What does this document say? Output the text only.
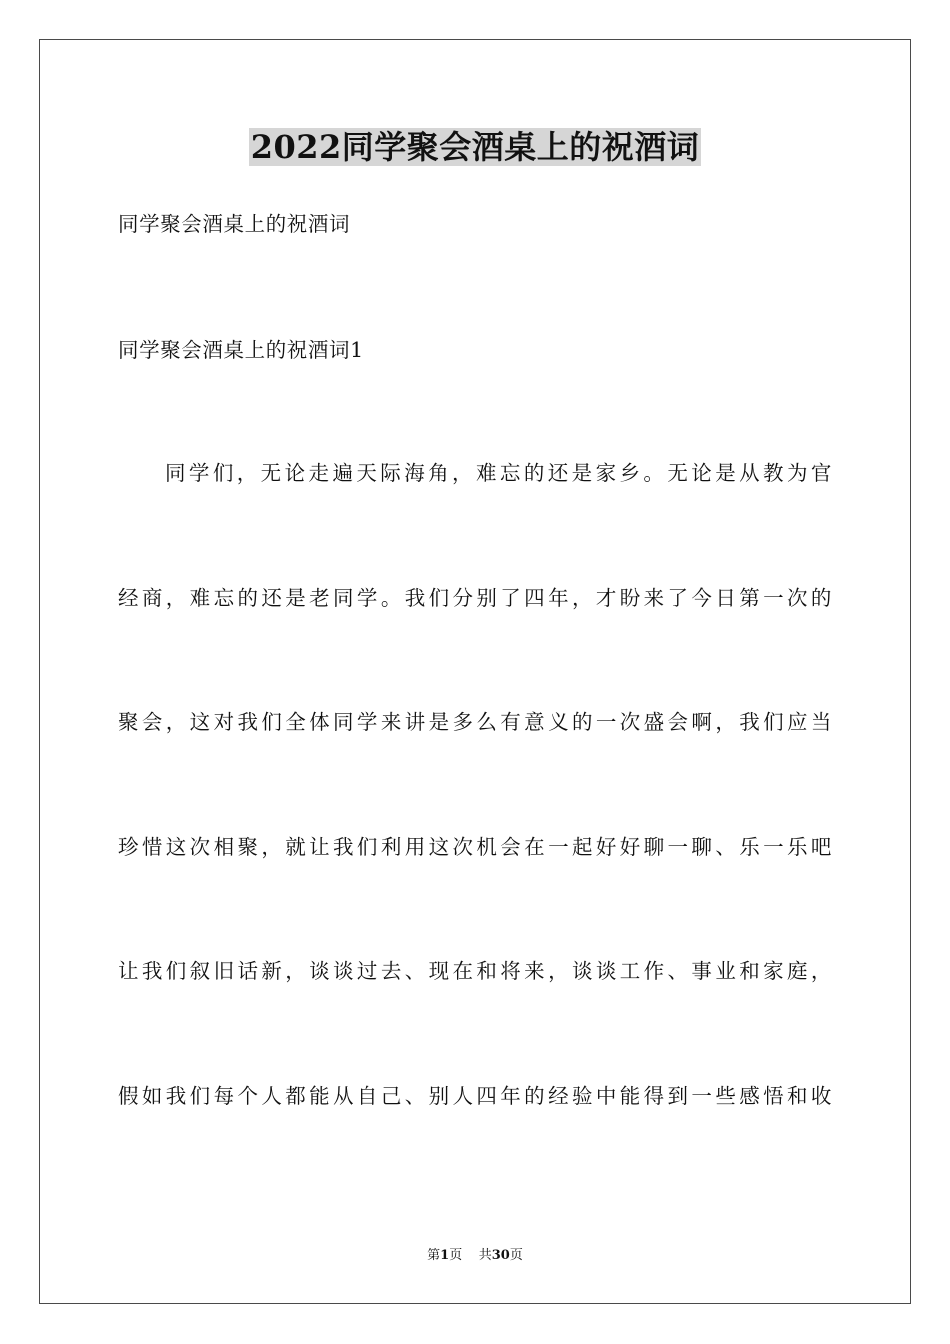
2022同学聚会酒桌上的祝酒词
同学聚会酒桌上的祝酒词
同学聚会酒桌上的祝酒词1
同学们，无论走遍天际海角，难忘的还是家乡。无论是从教为官
经商，难忘的还是老同学。我们分别了四年，才盼来了今日第一次的
聚会，这对我们全体同学来讲是多么有意义的一次盛会啊，我们应当
珍惜这次相聚，就让我们利用这次机会在一起好好聊一聊、乐一乐吧
让我们叙旧话新，谈谈过去、现在和将来，谈谈工作、事业和家庭，
假如我们每个人都能从自己、别人四年的经验中能得到一些感悟和收
第1页 共30页
